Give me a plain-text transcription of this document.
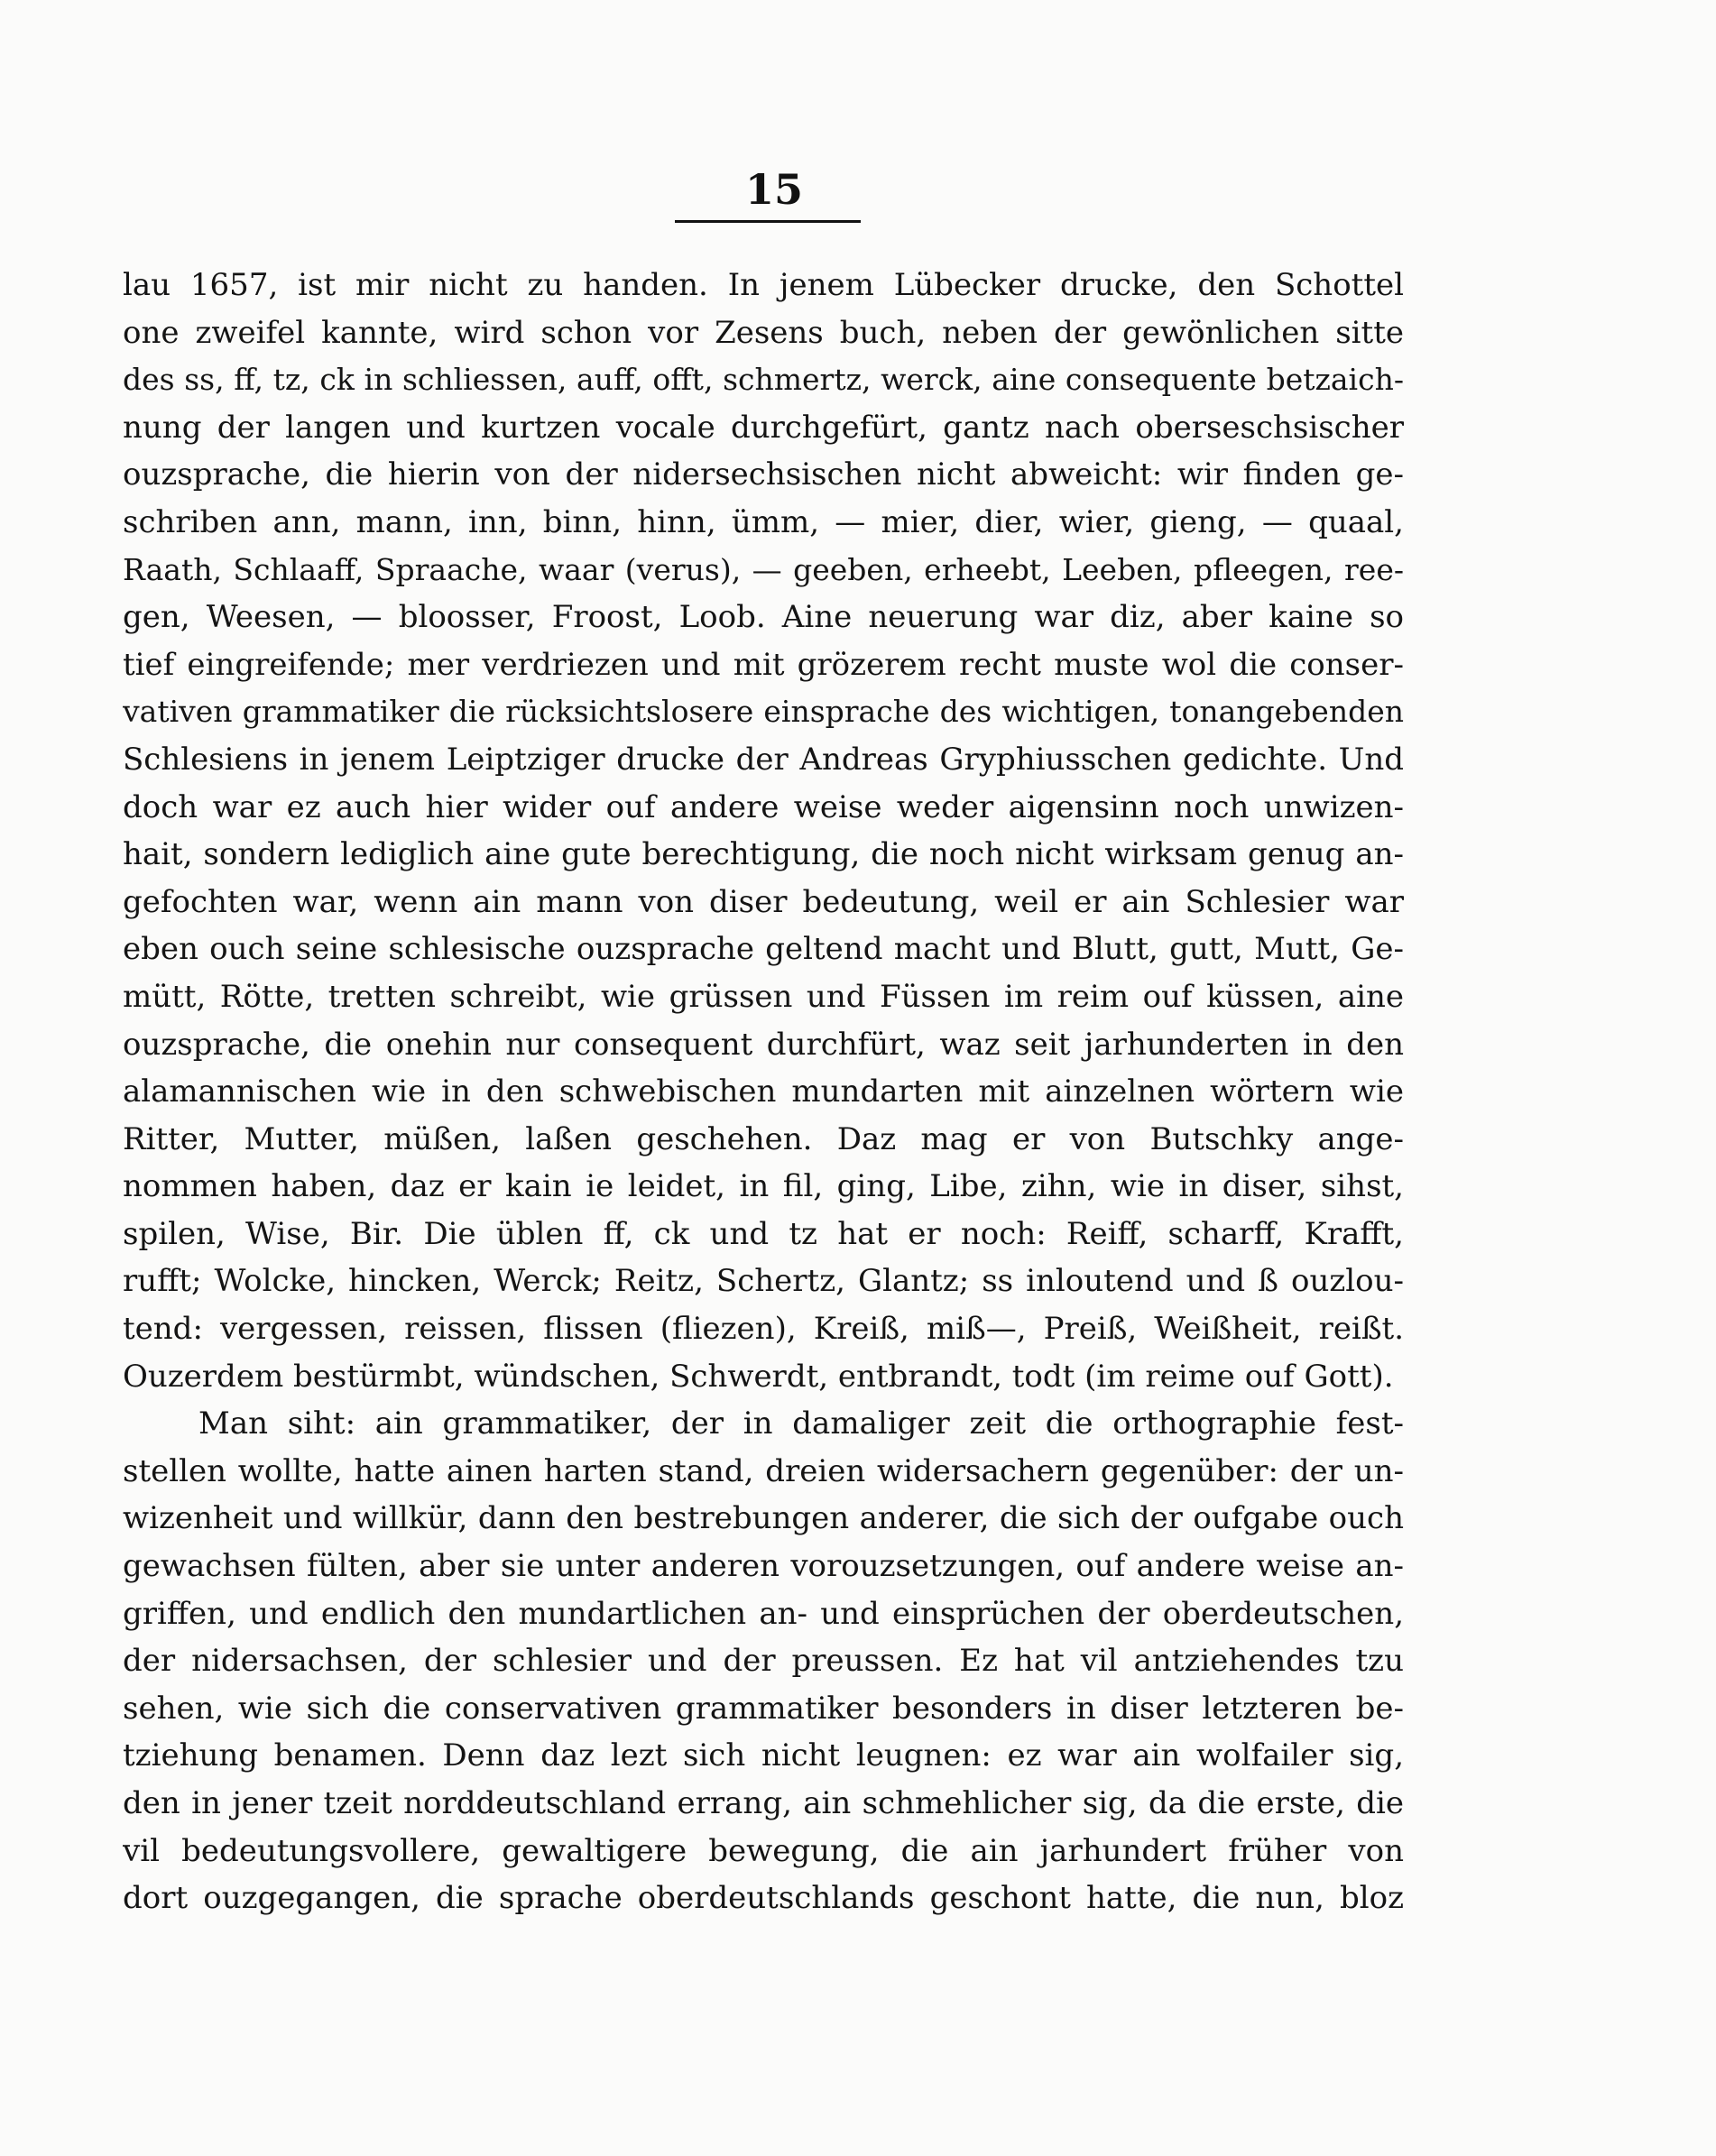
15
lau 1657, ist mir nicht zu handen. In jenem Lübecker drucke, den Schottel
one zweifel kannte, wird schon vor Zesens buch, neben der gewönlichen sitte
des ss, ff, tz, ck in schliessen, auff, offt, schmertz, werck, aine consequente betzaich-
nung der langen und kurtzen vocale durchgefürt, gantz nach oberseschsischer
ouzsprache, die hierin von der nidersechsischen nicht abweicht: wir finden ge-
schriben ann, mann, inn, binn, hinn, ümm, — mier, dier, wier, gieng, — quaal,
Raath, Schlaaff, Spraache, waar (verus), — geeben, erheebt, Leeben, pfleegen, ree-
gen, Weesen, — bloosser, Froost, Loob. Aine neuerung war diz, aber kaine so
tief eingreifende; mer verdriezen und mit grözerem recht muste wol die conser-
vativen grammatiker die rücksichtslosere einsprache des wichtigen, tonangebenden
Schlesiens in jenem Leiptziger drucke der Andreas Gryphiusschen gedichte. Und
doch war ez auch hier wider ouf andere weise weder aigensinn noch unwizen-
hait, sondern lediglich aine gute berechtigung, die noch nicht wirksam genug an-
gefochten war, wenn ain mann von diser bedeutung, weil er ain Schlesier war
eben ouch seine schlesische ouzsprache geltend macht und Blutt, gutt, Mutt, Ge-
mütt, Rötte, tretten schreibt, wie grüssen und Füssen im reim ouf küssen, aine
ouzsprache, die onehin nur consequent durchfürt, waz seit jarhunderten in den
alamannischen wie in den schwebischen mundarten mit ainzelnen wörtern wie
Ritter, Mutter, müßen, laßen geschehen. Daz mag er von Butschky ange-
nommen haben, daz er kain ie leidet, in fil, ging, Libe, zihn, wie in diser, sihst,
spilen, Wise, Bir. Die üblen ff, ck und tz hat er noch: Reiff, scharff, Krafft,
rufft; Wolcke, hincken, Werck; Reitz, Schertz, Glantz; ss inloutend und ß ouzlou-
tend: vergessen, reissen, flissen (fliezen), Kreiß, miß—, Preiß, Weißheit, reißt.
Ouzerdem bestürmbt, wündschen, Schwerdt, entbrandt, todt (im reime ouf Gott).
Man siht: ain grammatiker, der in damaliger zeit die orthographie fest-
stellen wollte, hatte ainen harten stand, dreien widersachern gegenüber: der un-
wizenheit und willkür, dann den bestrebungen anderer, die sich der oufgabe ouch
gewachsen fülten, aber sie unter anderen vorouzsetzungen, ouf andere weise an-
griffen, und endlich den mundartlichen an- und einsprüchen der oberdeutschen,
der nidersachsen, der schlesier und der preussen. Ez hat vil antziehendes tzu
sehen, wie sich die conservativen grammatiker besonders in diser letzteren be-
tziehung benamen. Denn daz lezt sich nicht leugnen: ez war ain wolfailer sig,
den in jener tzeit norddeutschland errang, ain schmehlicher sig, da die erste, die
vil bedeutungsvollere, gewaltigere bewegung, die ain jarhundert früher von
dort ouzgegangen, die sprache oberdeutschlands geschont hatte, die nun, bloz
